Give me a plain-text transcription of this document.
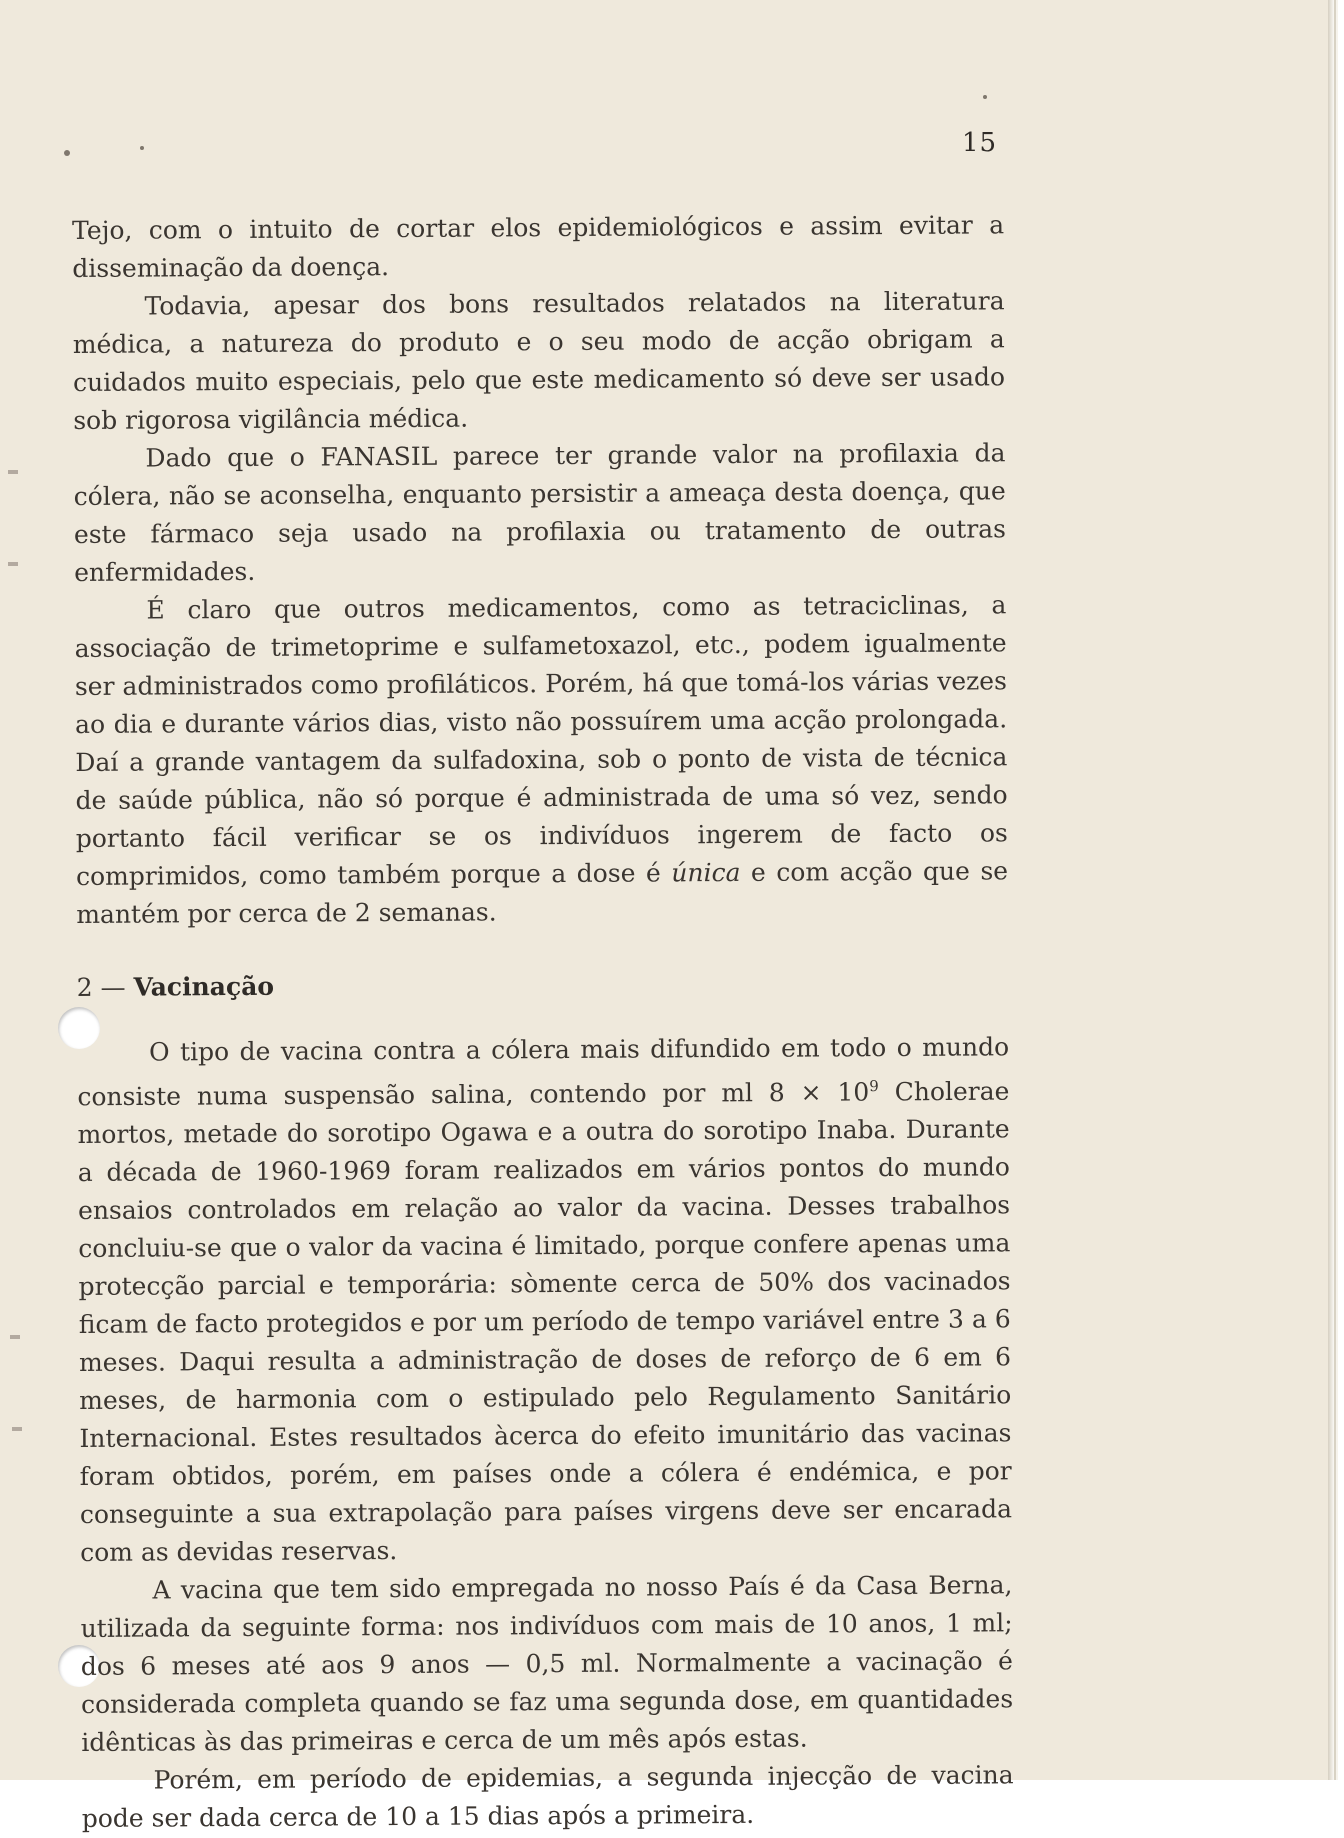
15

Tejo, com o intuito de cortar elos epidemiológicos e assim evitar a disseminação da doença.

Todavia, apesar dos bons resultados relatados na literatura médica, a natureza do produto e o seu modo de acção obrigam a cuidados muito especiais, pelo que este medicamento só deve ser usado sob rigorosa vigilância médica.

Dado que o FANASIL parece ter grande valor na profilaxia da cólera, não se aconselha, enquanto persistir a ameaça desta doença, que este fármaco seja usado na profilaxia ou tratamento de outras enfermidades.

É claro que outros medicamentos, como as tetraciclinas, a associação de trimetoprime e sulfametoxazol, etc., podem igualmente ser administrados como profiláticos. Porém, há que tomá-los várias vezes ao dia e durante vários dias, visto não possuírem uma acção prolongada. Daí a grande vantagem da sulfadoxina, sob o ponto de vista de técnica de saúde pública, não só porque é administrada de uma só vez, sendo portanto fácil verificar se os indivíduos ingerem de facto os comprimidos, como também porque a dose é única e com acção que se mantém por cerca de 2 semanas.

2 — Vacinação

O tipo de vacina contra a cólera mais difundido em todo o mundo consiste numa suspensão salina, contendo por ml $8 \times 10^9$ Cholerae mortos, metade do sorotipo Ogawa e a outra do sorotipo Inaba. Durante a década de 1960-1969 foram realizados em vários pontos do mundo ensaios controlados em relação ao valor da vacina. Desses trabalhos concluiu-se que o valor da vacina é limitado, porque confere apenas uma protecção parcial e temporária: sòmente cerca de 50% dos vacinados ficam de facto protegidos e por um período de tempo variável entre 3 a 6 meses. Daqui resulta a administração de doses de reforço de 6 em 6 meses, de harmonia com o estipulado pelo Regulamento Sanitário Internacional. Estes resultados àcerca do efeito imunitário das vacinas foram obtidos, porém, em países onde a cólera é endémica, e por conseguinte a sua extrapolação para países virgens deve ser encarada com as devidas reservas.

A vacina que tem sido empregada no nosso País é da Casa Berna, utilizada da seguinte forma: nos indivíduos com mais de 10 anos, 1 ml; dos 6 meses até aos 9 anos — 0,5 ml. Normalmente a vacinação é considerada completa quando se faz uma segunda dose, em quantidades idênticas às das primeiras e cerca de um mês após estas.

Porém, em período de epidemias, a segunda injecção de vacina pode ser dada cerca de 10 a 15 dias após a primeira.
